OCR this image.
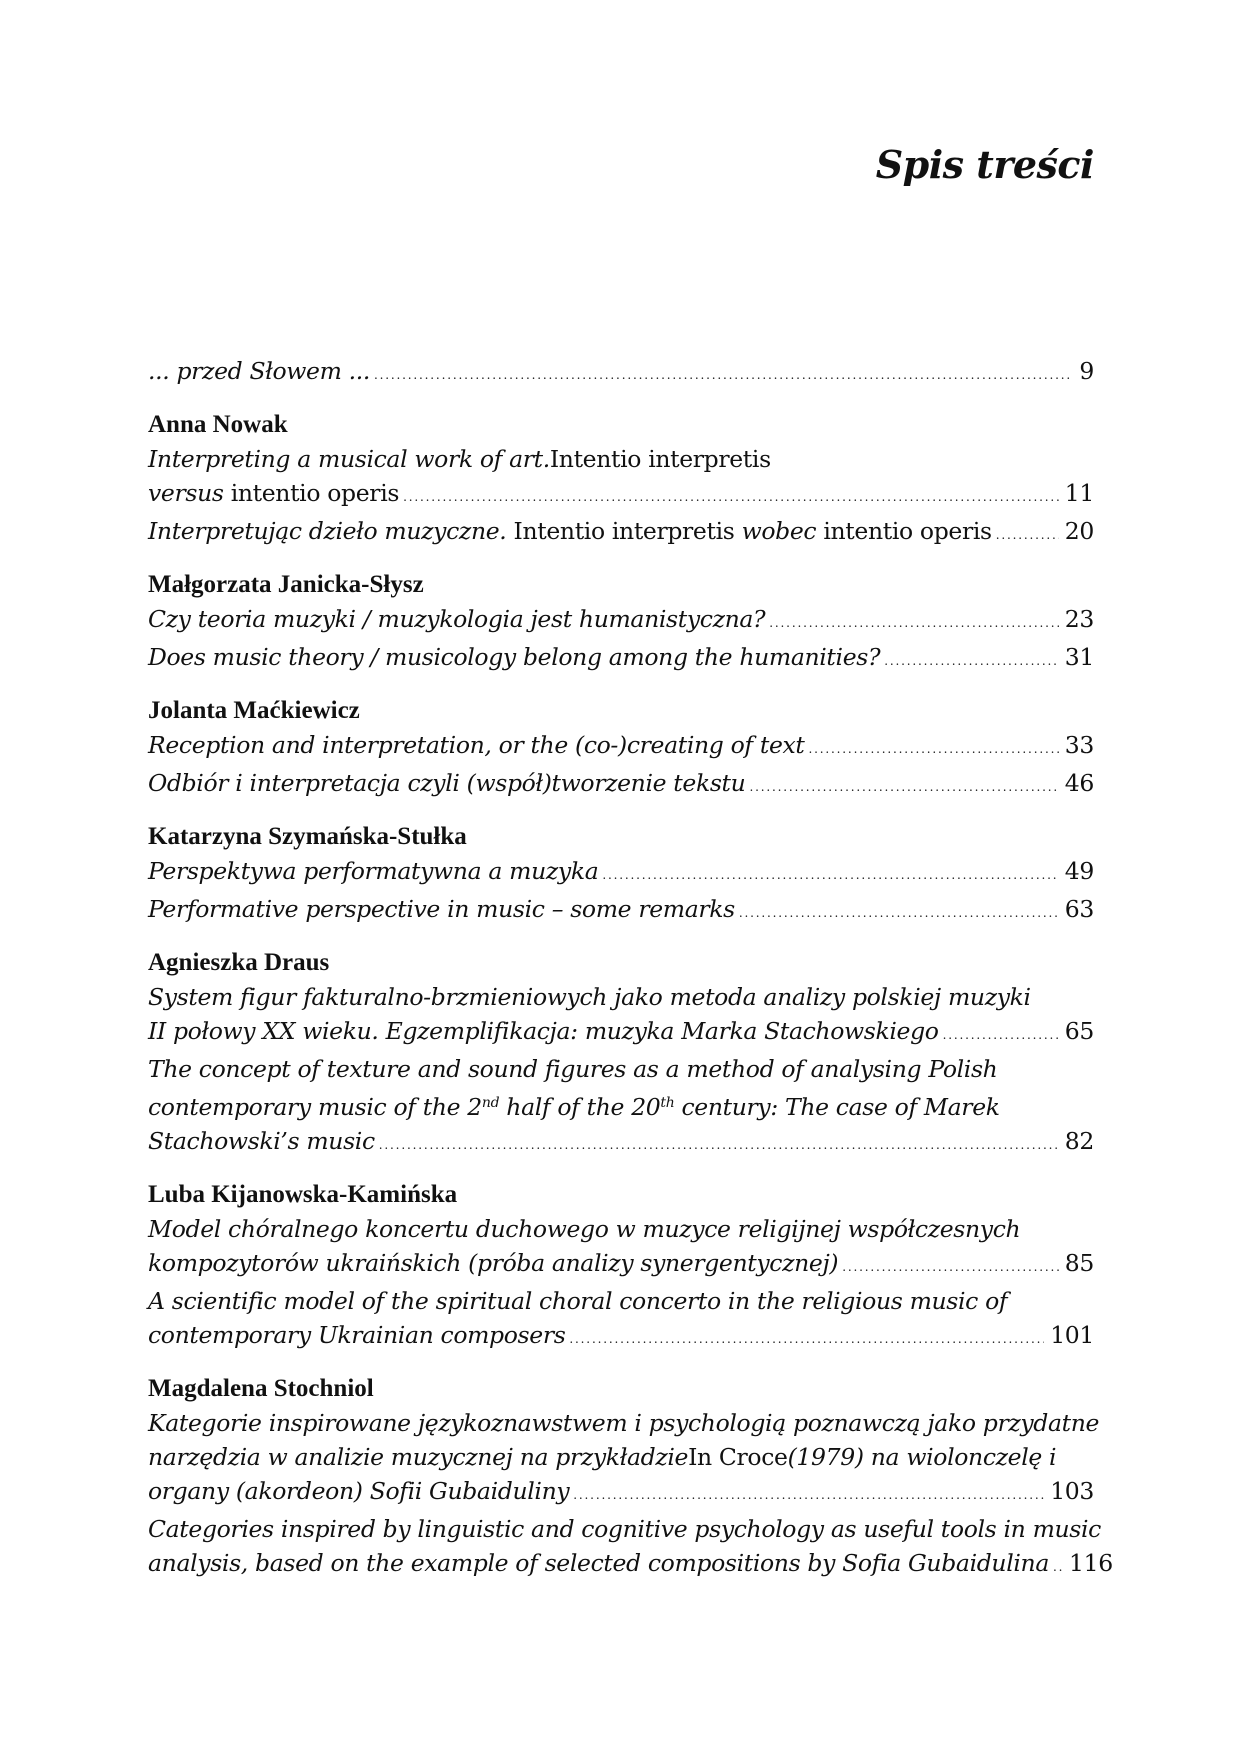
Spis treści
... przed Słowem ... . . .	9
Anna Nowak
Interpreting a musical work of art. Intentio interpretis
versus intentio operis . . .	11
Interpretując dzieło muzyczne. Intentio interpretis wobec intentio operis . . .	20
Małgorzata Janicka-Słysz
Czy teoria muzyki / muzykologia jest humanistyczna? . . .	23
Does music theory / musicology belong among the humanities? . . .	31
Jolanta Maćkiewicz
Reception and interpretation, or the (co-)creating of text . . .	33
Odbiór i interpretacja czyli (współ)tworzenie tekstu . . .	46
Katarzyna Szymańska-Stułka
Perspektywa performatywna a muzyka . . .	49
Performative perspective in music – some remarks . . .	63
Agnieszka Draus
System figur fakturalno-brzmieniowych jako metoda analizy polskiej muzyki
II połowy XX wieku. Egzemplifikacja: muzyka Marka Stachowskiego . . .	65
The concept of texture and sound figures as a method of analysing Polish
contemporary music of the 2nd half of the 20th century: The case of Marek
Stachowski’s music . . .	82
Luba Kijanowska-Kamińska
Model chóralnego koncertu duchowego w muzyce religijnej współczesnych
kompozytorów ukraińskich (próba analizy synergentycznej) . . .	85
A scientific model of the spiritual choral concerto in the religious music of
contemporary Ukrainian composers . . .	101
Magdalena Stochniol
Kategorie inspirowane językoznawstwem i psychologią poznawczą jako przydatne
narzędzia w analizie muzycznej na przykładzie In Croce (1979) na wiolonczelę i
organy (akordeon) Sofii Gubaiduliny . . .	103
Categories inspired by linguistic and cognitive psychology as useful tools in music
analysis, based on the example of selected compositions by Sofia Gubaidulina . . . 116
